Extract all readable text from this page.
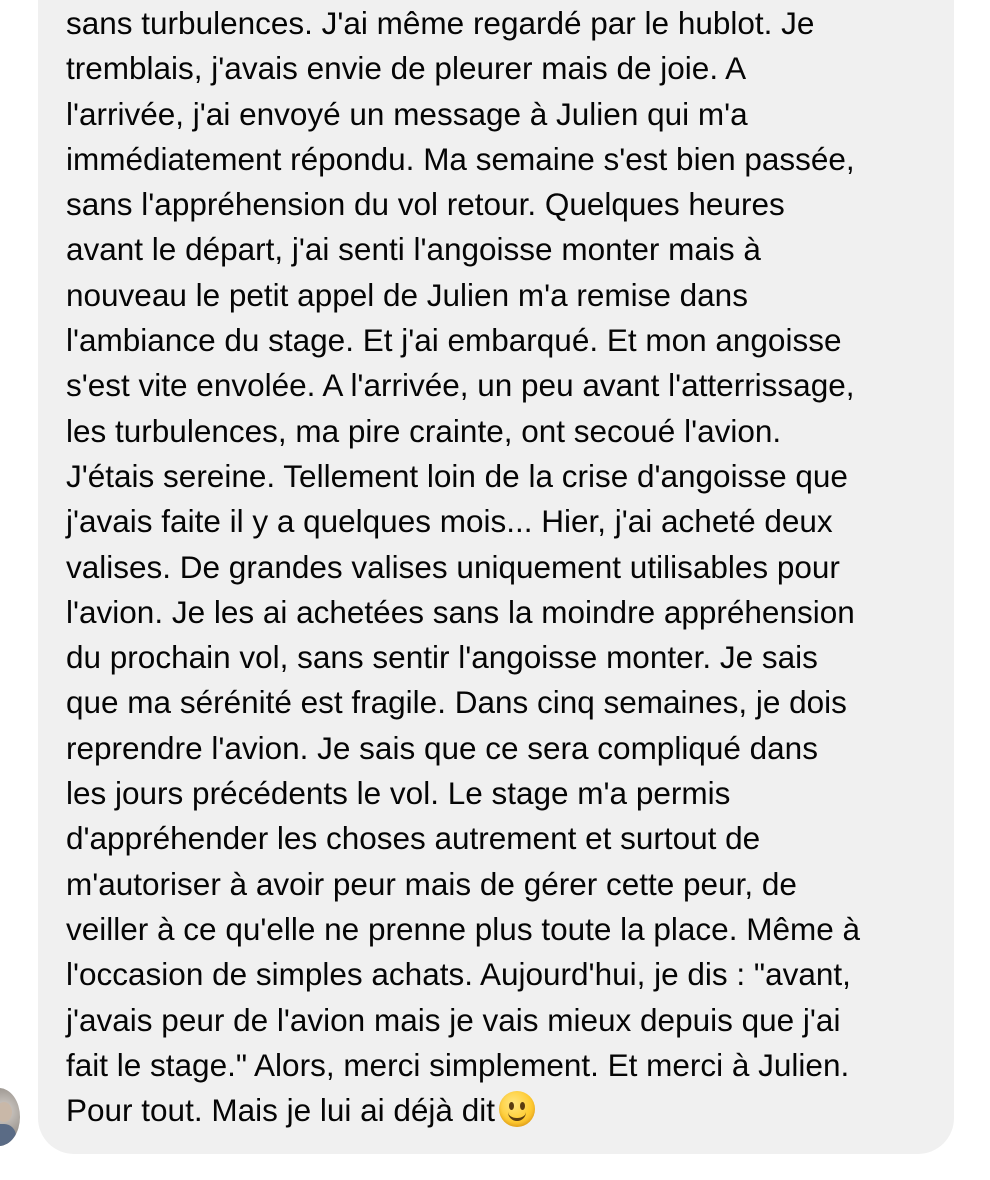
sans turbulences. J'ai même regardé par le hublot. Je
tremblais, j'avais envie de pleurer mais de joie. A
l'arrivée, j'ai envoyé un message à Julien qui m'a
immédiatement répondu. Ma semaine s'est bien passée,
sans l'appréhension du vol retour. Quelques heures
avant le départ, j'ai senti l'angoisse monter mais à
nouveau le petit appel de Julien m'a remise dans
l'ambiance du stage. Et j'ai embarqué. Et mon angoisse
s'est vite envolée. A l'arrivée, un peu avant l'atterrissage,
les turbulences, ma pire crainte, ont secoué l'avion.
J'étais sereine. Tellement loin de la crise d'angoisse que
j'avais faite il y a quelques mois... Hier, j'ai acheté deux
valises. De grandes valises uniquement utilisables pour
l'avion. Je les ai achetées sans la moindre appréhension
du prochain vol, sans sentir l'angoisse monter. Je sais
que ma sérénité est fragile. Dans cinq semaines, je dois
reprendre l'avion. Je sais que ce sera compliqué dans
les jours précédents le vol. Le stage m'a permis
d'appréhender les choses autrement et surtout de
m'autoriser à avoir peur mais de gérer cette peur, de
veiller à ce qu'elle ne prenne plus toute la place. Même à
l'occasion de simples achats. Aujourd'hui, je dis : "avant,
j'avais peur de l'avion mais je vais mieux depuis que j'ai
fait le stage." Alors, merci simplement. Et merci à Julien.
Pour tout. Mais je lui ai déjà dit
